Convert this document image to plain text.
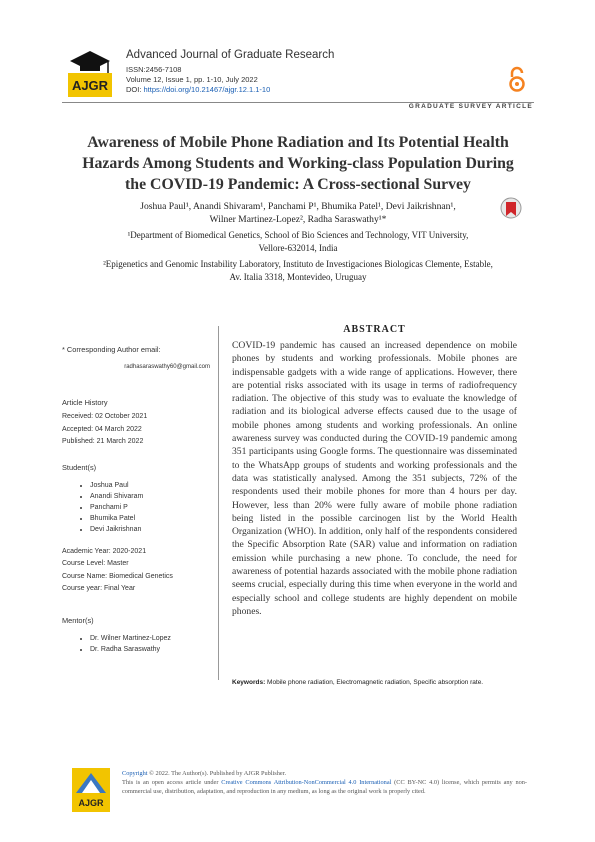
AJGR
Advanced Journal of Graduate Research
ISSN:2456-7108
Volume 12, Issue 1, pp. 1-10, July 2022
DOI: https://doi.org/10.21467/ajgr.12.1.1-10
GRADUATE SURVEY ARTICLE
Awareness of Mobile Phone Radiation and Its Potential Health Hazards Among Students and Working-class Population During the COVID-19 Pandemic: A Cross-sectional Survey
Joshua Paul¹, Anandi Shivaram¹, Panchami P¹, Bhumika Patel¹, Devi Jaikrishnan¹,
Wilner Martinez-Lopez², Radha Saraswathy¹*
¹Department of Biomedical Genetics, School of Bio Sciences and Technology, VIT University,
Vellore-632014, India
²Epigenetics and Genomic Instability Laboratory, Instituto de Investigaciones Biologicas Clemente, Estable,
Av. Italia 3318, Montevideo, Uruguay
* Corresponding Author email:
radhasaraswathy60@gmail.com
Article History
Received: 02 October 2021
Accepted: 04 March 2022
Published: 21 March 2022
Student(s)
• Joshua Paul
• Anandi Shivaram
• Panchami P
• Bhumika Patel
• Devi Jaikrishnan
Academic Year: 2020-2021
Course Level: Master
Course Name: Biomedical Genetics
Course year: Final Year
Mentor(s)
• Dr. Wilner Martinez-Lopez
• Dr. Radha Saraswathy
ABSTRACT
COVID-19 pandemic has caused an increased dependence on mobile phones by students and working professionals. Mobile phones are indispensable gadgets with a wide range of applications. However, there are potential risks associated with its usage in terms of radiofrequency radiation. The objective of this study was to evaluate the knowledge of radiation and its biological adverse effects caused due to the usage of mobile phones among students and working professionals. An online awareness survey was conducted during the COVID-19 pandemic among 351 participants using Google forms. The questionnaire was disseminated to the WhatsApp groups of students and working professionals and the data was statistically analysed. Among the 351 subjects, 72% of the respondents used their mobile phones for more than 4 hours per day. However, less than 20% were fully aware of mobile phone radiation being listed in the possible carcinogen list by the World Health Organization (WHO). In addition, only half of the respondents considered the Specific Absorption Rate (SAR) value and information on radiation emission while purchasing a new phone. To conclude, the need for awareness of potential hazards associated with the mobile phone radiation seems crucial, especially during this time when everyone in the world and especially school and college students are highly dependent on mobile phones.
Keywords: Mobile phone radiation, Electromagnetic radiation, Specific absorption rate.
AJGR
Copyright © 2022. The Author(s). Published by AJGR Publisher.
This is an open access article under Creative Commons Attribution-NonCommercial 4.0 International (CC BY-NC 4.0) license, which permits any non-commercial use, distribution, adaptation, and reproduction in any medium, as long as the original work is properly cited.
